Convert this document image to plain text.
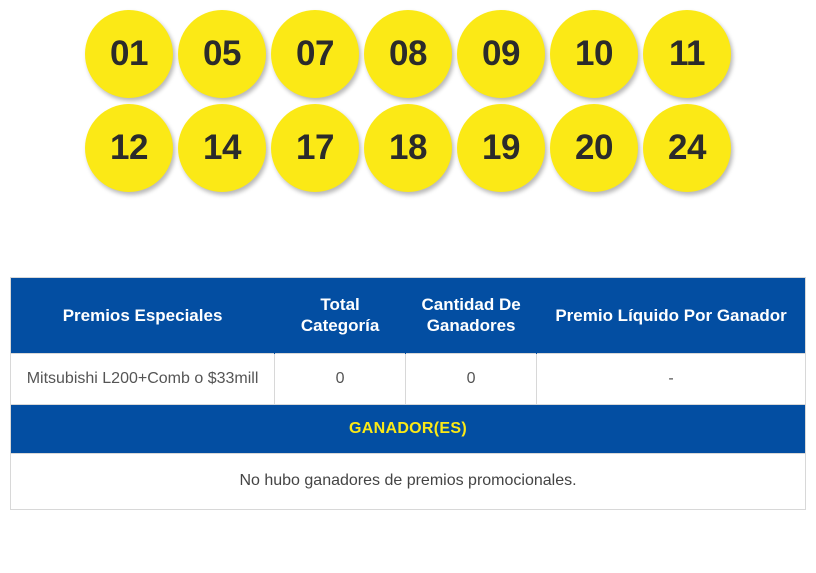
01	05	07	08	09	10	11
12	14	17	18	19	20	24
Premios Especiales	Total Categoría	Cantidad De Ganadores	Premio Líquido Por Ganador
Mitsubishi L200+Comb o $33mill	0	0	-
GANADOR(ES)			
No hubo ganadores de premios promocionales.			
